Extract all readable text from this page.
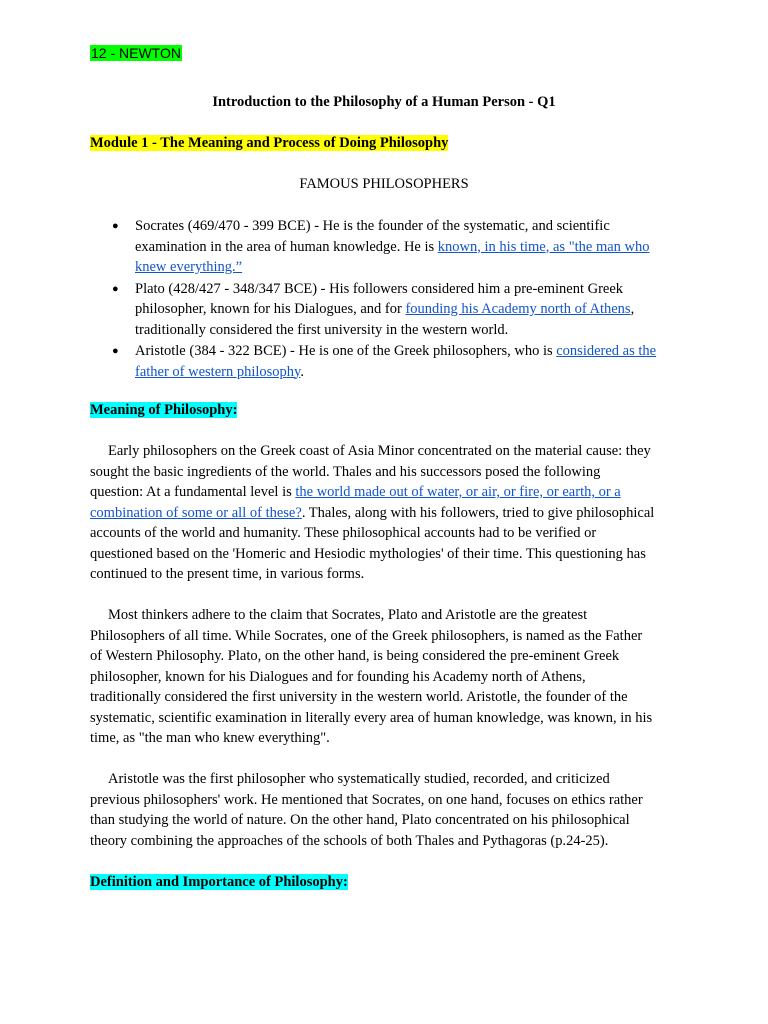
12 - NEWTON
Introduction to the Philosophy of a Human Person - Q1
Module 1 - The Meaning and Process of Doing Philosophy
FAMOUS PHILOSOPHERS
● Socrates (469/470 - 399 BCE) - He is the founder of the systematic, and scientific
examination in the area of human knowledge. He is known, in his time, as "the man who
knew everything.”
● Plato (428/427 - 348/347 BCE) - His followers considered him a pre-eminent Greek
philosopher, known for his Dialogues, and for founding his Academy north of Athens,
traditionally considered the first university in the western world.
● Aristotle (384 - 322 BCE) - He is one of the Greek philosophers, who is considered as the
father of western philosophy.
Meaning of Philosophy:
Early philosophers on the Greek coast of Asia Minor concentrated on the material cause: they
sought the basic ingredients of the world. Thales and his successors posed the following
question: At a fundamental level is the world made out of water, or air, or fire, or earth, or a
combination of some or all of these?. Thales, along with his followers, tried to give philosophical
accounts of the world and humanity. These philosophical accounts had to be verified or
questioned based on the 'Homeric and Hesiodic mythologies' of their time. This questioning has
continued to the present time, in various forms.
Most thinkers adhere to the claim that Socrates, Plato and Aristotle are the greatest
Philosophers of all time. While Socrates, one of the Greek philosophers, is named as the Father
of Western Philosophy. Plato, on the other hand, is being considered the pre-eminent Greek
philosopher, known for his Dialogues and for founding his Academy north of Athens,
traditionally considered the first university in the western world. Aristotle, the founder of the
systematic, scientific examination in literally every area of human knowledge, was known, in his
time, as "the man who knew everything".
Aristotle was the first philosopher who systematically studied, recorded, and criticized
previous philosophers' work. He mentioned that Socrates, on one hand, focuses on ethics rather
than studying the world of nature. On the other hand, Plato concentrated on his philosophical
theory combining the approaches of the schools of both Thales and Pythagoras (p.24-25).
Definition and Importance of Philosophy:
